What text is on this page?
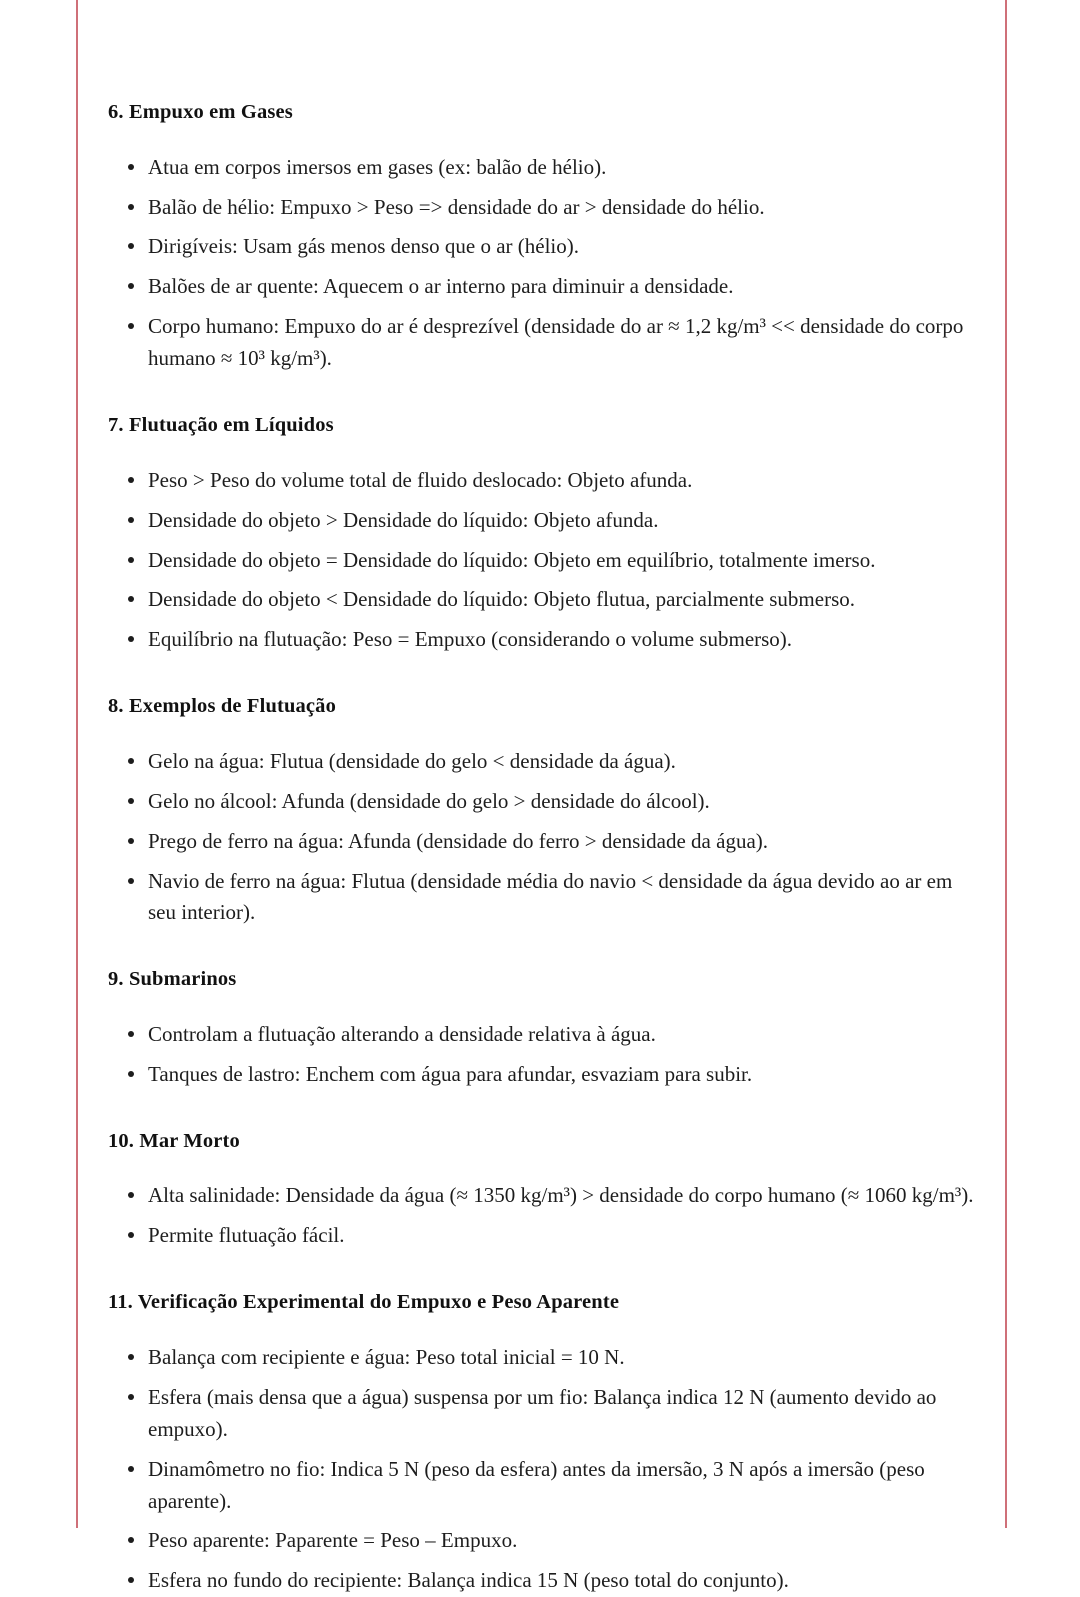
6. Empuxo em Gases
Atua em corpos imersos em gases (ex: balão de hélio).
Balão de hélio: Empuxo > Peso => densidade do ar > densidade do hélio.
Dirigíveis: Usam gás menos denso que o ar (hélio).
Balões de ar quente: Aquecem o ar interno para diminuir a densidade.
Corpo humano: Empuxo do ar é desprezível (densidade do ar ≈ 1,2 kg/m³ << densidade do corpo humano ≈ 10³ kg/m³).
7. Flutuação em Líquidos
Peso > Peso do volume total de fluido deslocado: Objeto afunda.
Densidade do objeto > Densidade do líquido: Objeto afunda.
Densidade do objeto = Densidade do líquido: Objeto em equilíbrio, totalmente imerso.
Densidade do objeto < Densidade do líquido: Objeto flutua, parcialmente submerso.
Equilíbrio na flutuação: Peso = Empuxo (considerando o volume submerso).
8. Exemplos de Flutuação
Gelo na água: Flutua (densidade do gelo < densidade da água).
Gelo no álcool: Afunda (densidade do gelo > densidade do álcool).
Prego de ferro na água: Afunda (densidade do ferro > densidade da água).
Navio de ferro na água: Flutua (densidade média do navio < densidade da água devido ao ar em seu interior).
9. Submarinos
Controlam a flutuação alterando a densidade relativa à água.
Tanques de lastro: Enchem com água para afundar, esvaziam para subir.
10. Mar Morto
Alta salinidade: Densidade da água (≈ 1350 kg/m³) > densidade do corpo humano (≈ 1060 kg/m³).
Permite flutuação fácil.
11. Verificação Experimental do Empuxo e Peso Aparente
Balança com recipiente e água: Peso total inicial = 10 N.
Esfera (mais densa que a água) suspensa por um fio: Balança indica 12 N (aumento devido ao empuxo).
Dinamômetro no fio: Indica 5 N (peso da esfera) antes da imersão, 3 N após a imersão (peso aparente).
Peso aparente: Paparente = Peso – Empuxo.
Esfera no fundo do recipiente: Balança indica 15 N (peso total do conjunto).
